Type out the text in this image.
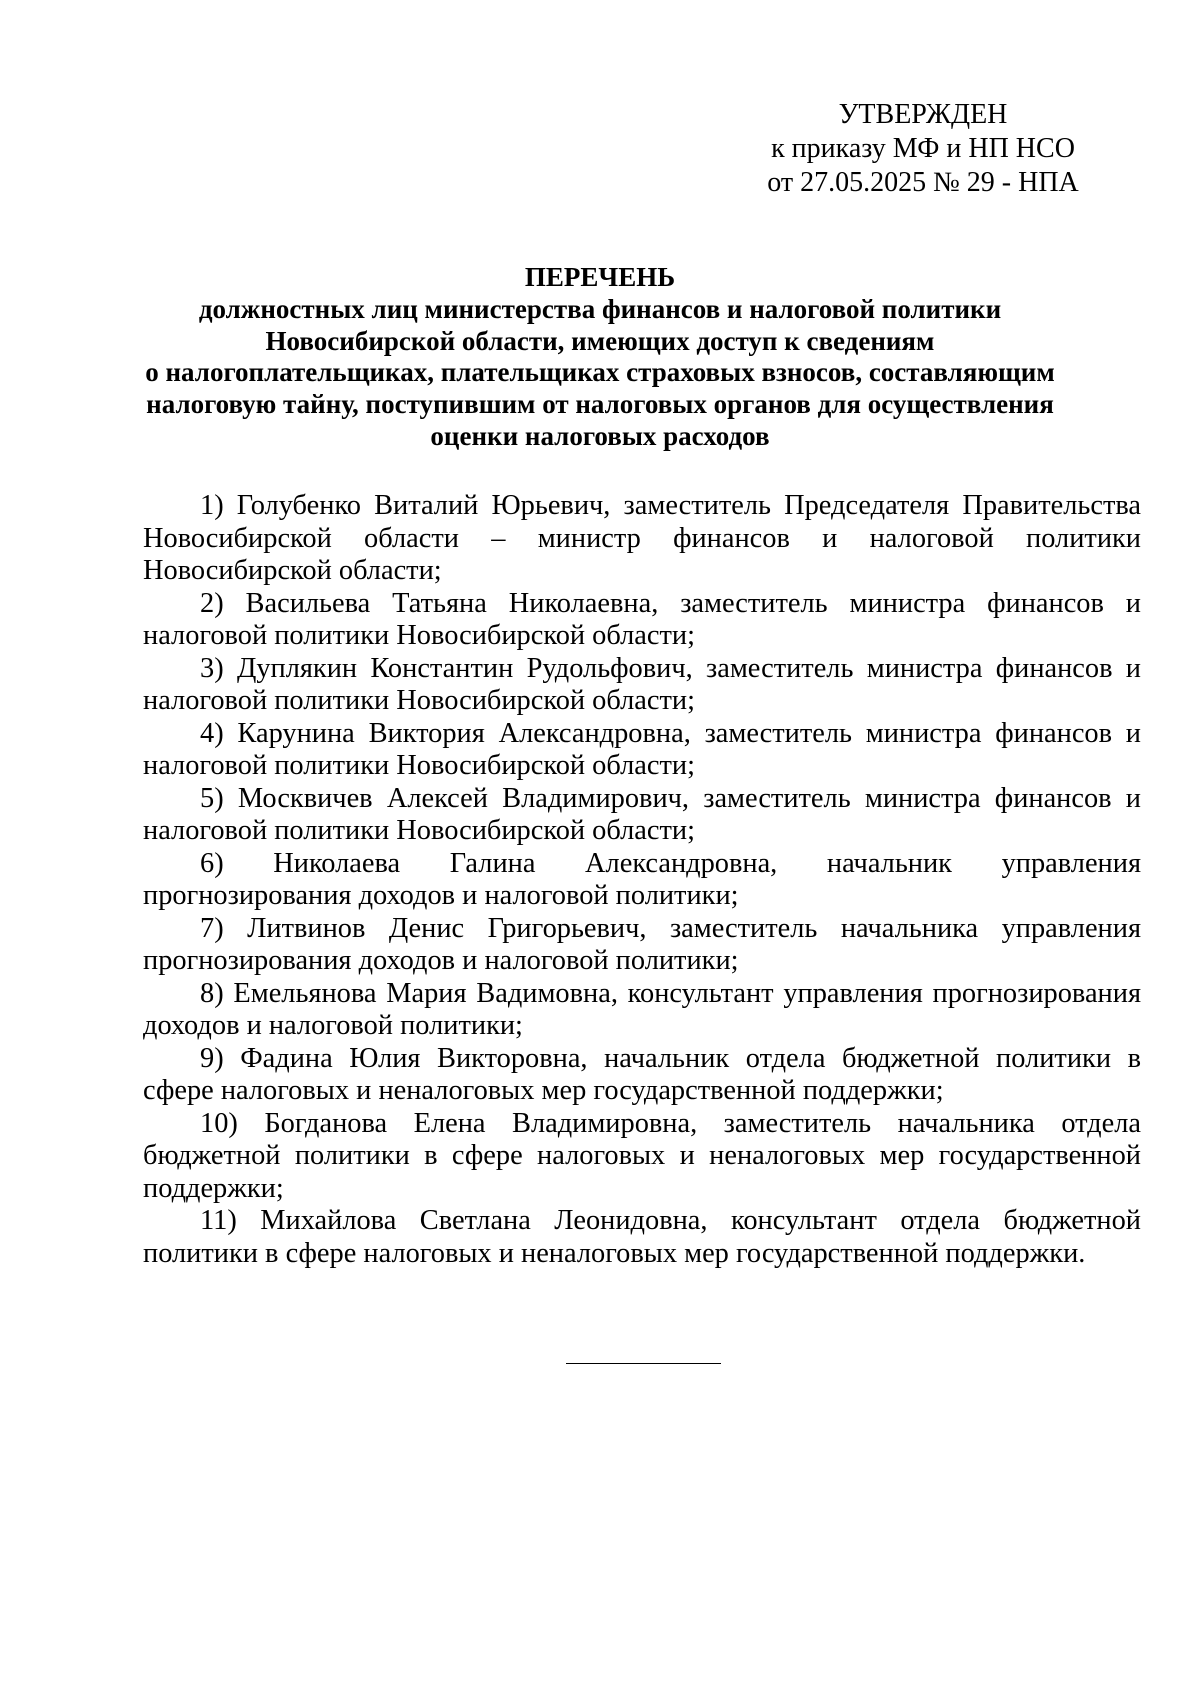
УТВЕРЖДЕН
к приказу МФ и НП НСО
от 27.05.2025 № 29 - НПА
ПЕРЕЧЕНЬ
должностных лиц министерства финансов и налоговой политики
Новосибирской области, имеющих доступ к сведениям
о налогоплательщиках, плательщиках страховых взносов, составляющим
налоговую тайну, поступившим от налоговых органов для осуществления
оценки налоговых расходов

1) Голубенко Виталий Юрьевич, заместитель Председателя Правительства Новосибирской области – министр финансов и налоговой политики Новосибирской области;

2) Васильева Татьяна Николаевна, заместитель министра финансов и налоговой политики Новосибирской области;

3) Дуплякин Константин Рудольфович, заместитель министра финансов и налоговой политики Новосибирской области;

4) Карунина Виктория Александровна, заместитель министра финансов и налоговой политики Новосибирской области;

5) Москвичев Алексей Владимирович, заместитель министра финансов и налоговой политики Новосибирской области;

6) Николаева Галина Александровна, начальник управления прогнозирования доходов и налоговой политики;

7) Литвинов Денис Григорьевич, заместитель начальника управления прогнозирования доходов и налоговой политики;

8) Емельянова Мария Вадимовна, консультант управления прогнозирования доходов и налоговой политики;

9) Фадина Юлия Викторовна, начальник отдела бюджетной политики в сфере налоговых и неналоговых мер государственной поддержки;

10) Богданова Елена Владимировна, заместитель начальника отдела бюджетной политики в сфере налоговых и неналоговых мер государственной поддержки;

11) Михайлова Светлана Леонидовна, консультант отдела бюджетной политики в сфере налоговых и неналоговых мер государственной поддержки.
